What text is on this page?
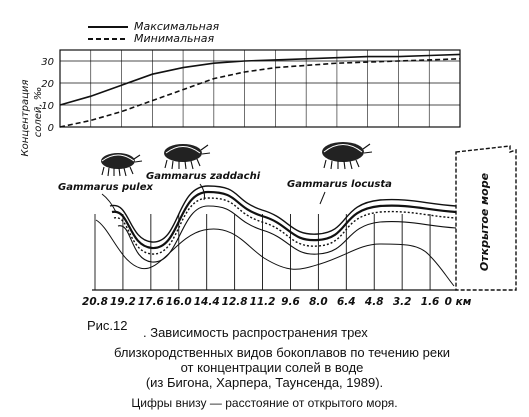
Максимальная
Минимальная
Концентрация солей, ‰ 0
10
20
30
Gammarus pulex
Gammarus zaddachi
Gammarus locusta	Открытое море
20.8 19.2 17.6 16.0 14.4 12.8 11.2 9.6 8.0 6.4 4.8 3.2 1.6 0 км
Рис.12 . Зависимость распространения трех
близкородственных видов бокоплавов по течению реки
от концентрации солей в воде
(из Бигона, Харпера, Таунсенда, 1989).
Цифры внизу — расстояние от открытого моря.
